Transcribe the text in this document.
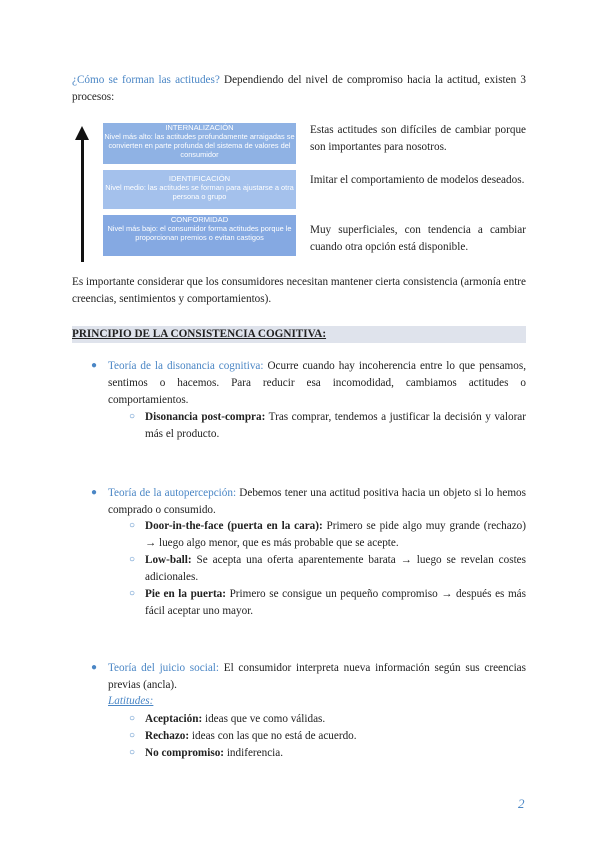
¿Cómo se forman las actitudes? Dependiendo del nivel de compromiso hacia la actitud, existen 3 procesos:
INTERNALIZACIÓN
Nivel más alto: las actitudes profundamente arraigadas se convierten en parte profunda del sistema de valores del consumidor
IDENTIFICACIÓN
Nivel medio: las actitudes se forman para ajustarse a otra persona o grupo
CONFORMIDAD
Nivel más bajo: el consumidor forma actitudes porque le proporcionan premios o evitan castigos
Estas actitudes son difíciles de cambiar porque son importantes para nosotros.
Imitar el comportamiento de modelos deseados.
Muy superficiales, con tendencia a cambiar cuando otra opción está disponible.
Es importante considerar que los consumidores necesitan mantener cierta consistencia (armonía entre creencias, sentimientos y comportamientos).
PRINCIPIO DE LA CONSISTENCIA COGNITIVA:
● Teoría de la disonancia cognitiva: Ocurre cuando hay incoherencia entre lo que pensamos, sentimos o hacemos. Para reducir esa incomodidad, cambiamos actitudes o comportamientos.
○ Disonancia post-compra: Tras comprar, tendemos a justificar la decisión y valorar más el producto.
● Teoría de la autopercepción: Debemos tener una actitud positiva hacia un objeto si lo hemos comprado o consumido.
○ Door-in-the-face (puerta en la cara): Primero se pide algo muy grande (rechazo) → luego algo menor, que es más probable que se acepte.
○ Low-ball: Se acepta una oferta aparentemente barata → luego se revelan costes adicionales.
○ Pie en la puerta: Primero se consigue un pequeño compromiso → después es más fácil aceptar uno mayor.
● Teoría del juicio social: El consumidor interpreta nueva información según sus creencias previas (ancla).
Latitudes:
○ Aceptación: ideas que ve como válidas.
○ Rechazo: ideas con las que no está de acuerdo.
○ No compromiso: indiferencia.
2
